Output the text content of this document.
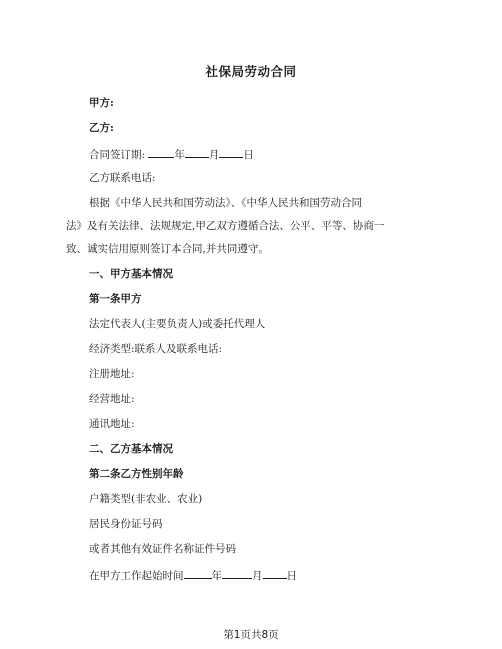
社保局劳动合同
甲方:
乙方:
合同签订期:	年 月 日
乙方联系电话:
根据《中华人民共和国劳动法》、《中华人民共和国劳动合同
法》及有关法律、法规规定,甲乙双方遵循合法、公平、平等、协商一
致、诚实信用原则签订本合同,并共同遵守。
一、甲方基本情况
第一条甲方
法定代表人(主要负责人)或委托代理人
经济类型:联系人及联系电话:
注册地址:
经营地址:
通讯地址:
二、乙方基本情况
第二条乙方性别年龄
户籍类型(非农业、农业)
居民身份证号码
或者其他有效证件名称证件号码
在甲方工作起始时间	年	月 日
第1页共8页
